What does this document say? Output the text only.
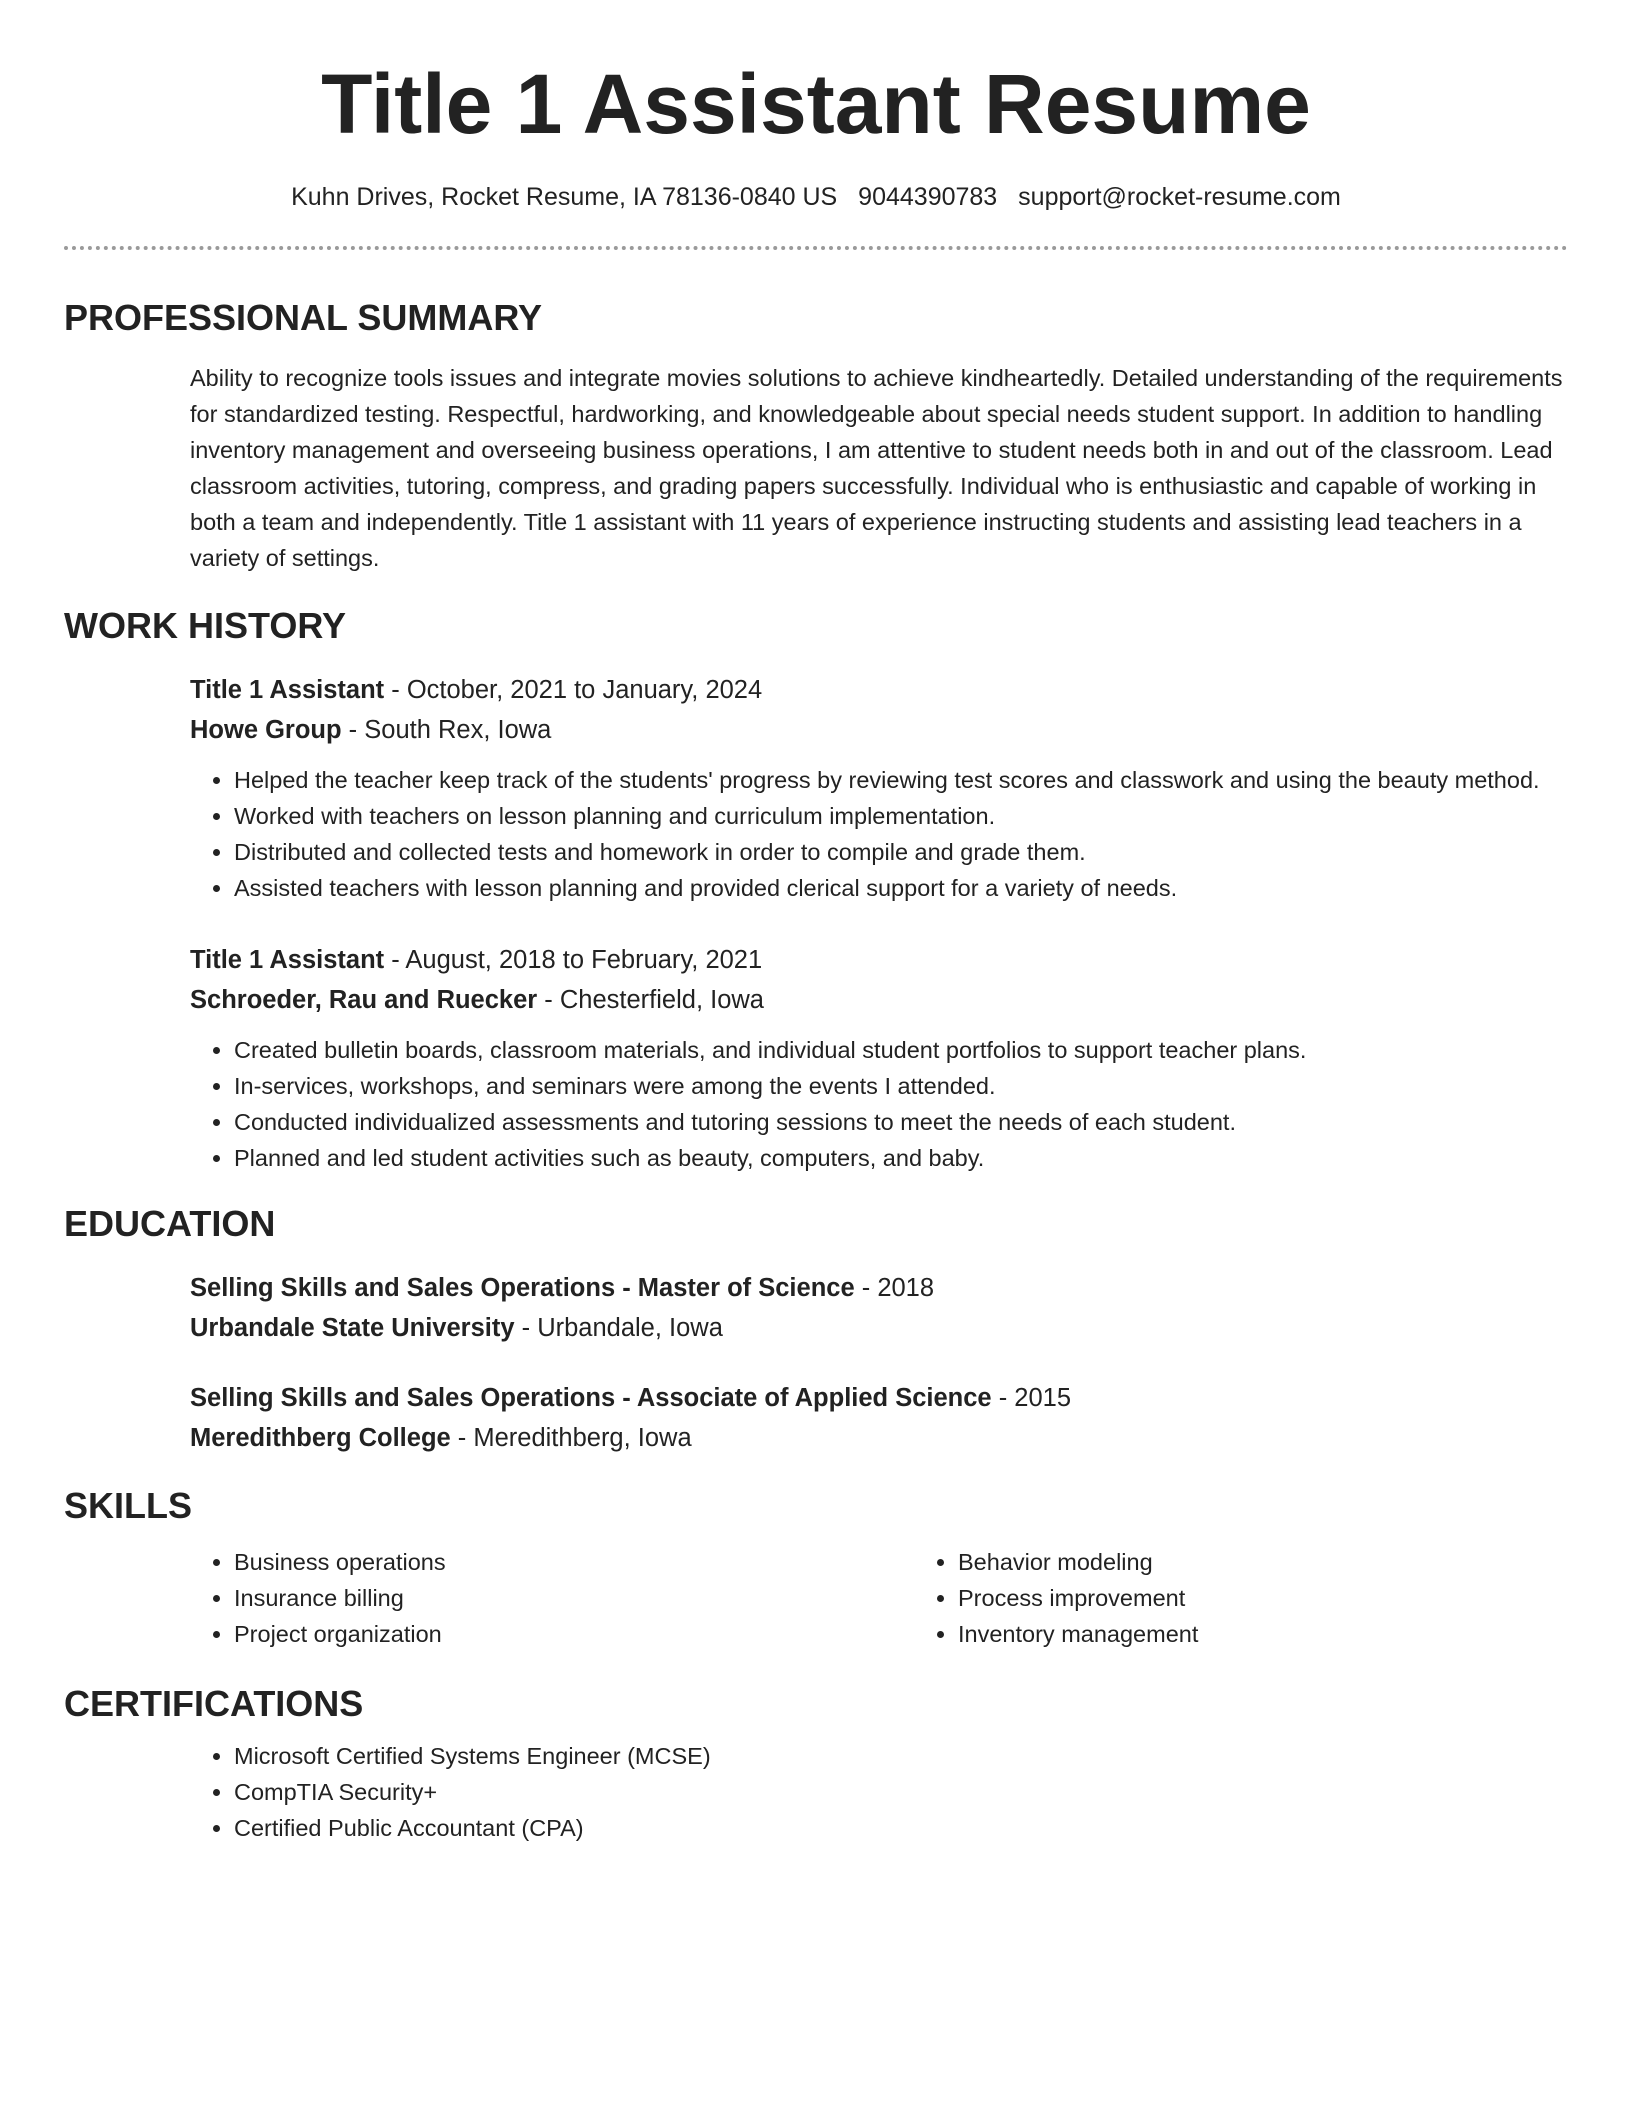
Title 1 Assistant Resume
Kuhn Drives, Rocket Resume, IA 78136-0840 US 9044390783 support@rocket-resume.com
PROFESSIONAL SUMMARY

Ability to recognize tools issues and integrate movies solutions to achieve kindheartedly. Detailed understanding of the requirements for standardized testing. Respectful, hardworking, and knowledgeable about special needs student support. In addition to handling inventory management and overseeing business operations, I am attentive to student needs both in and out of the classroom. Lead classroom activities, tutoring, compress, and grading papers successfully. Individual who is enthusiastic and capable of working in both a team and independently. Title 1 assistant with 11 years of experience instructing students and assisting lead teachers in a variety of settings.

WORK HISTORY
Title 1 Assistant - October, 2021 to January, 2024
Howe Group - South Rex, Iowa
• Helped the teacher keep track of the students' progress by reviewing test scores and classwork and using the beauty method.
• Worked with teachers on lesson planning and curriculum implementation.
• Distributed and collected tests and homework in order to compile and grade them.
• Assisted teachers with lesson planning and provided clerical support for a variety of needs.
Title 1 Assistant - August, 2018 to February, 2021
Schroeder, Rau and Ruecker - Chesterfield, Iowa
• Created bulletin boards, classroom materials, and individual student portfolios to support teacher plans.
• In-services, workshops, and seminars were among the events I attended.
• Conducted individualized assessments and tutoring sessions to meet the needs of each student.
• Planned and led student activities such as beauty, computers, and baby.
EDUCATION
Selling Skills and Sales Operations - Master of Science - 2018
Urbandale State University - Urbandale, Iowa
Selling Skills and Sales Operations - Associate of Applied Science - 2015
Meredithberg College - Meredithberg, Iowa
SKILLS
• Business operations
• Insurance billing
• Project organization
• Behavior modeling
• Process improvement
• Inventory management
CERTIFICATIONS
• Microsoft Certified Systems Engineer (MCSE)
• CompTIA Security+
• Certified Public Accountant (CPA)
